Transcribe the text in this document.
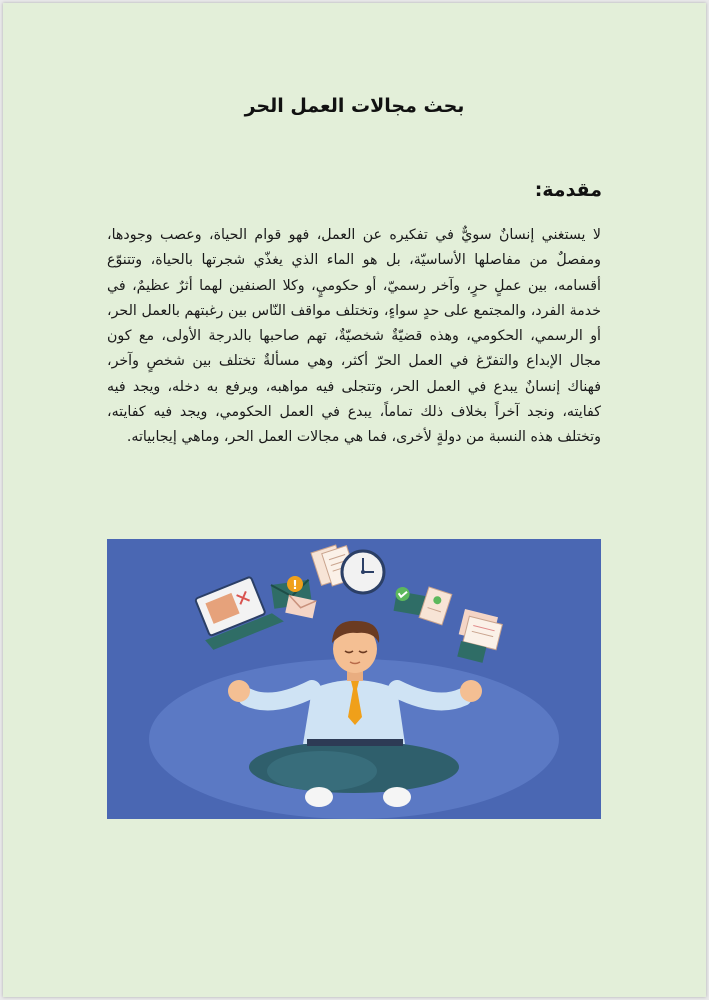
بحث مجالات العمل الحر
مقدمة:

لا يستغني إنسانٌ سويٌّ في تفكيره عن العمل، فهو قوام الحياة، وعصب وجودها، ومفصلٌ من مفاصلها الأساسيّة، بل هو الماء الذي يغذّي شجرتها بالحياة، وتتنوّع أقسامه، بين عملٍ حرٍ، وآخر رسميّ، أو حكوميٍ، وكلا الصنفين لهما أثرٌ عظيمٌ، في خدمة الفرد، والمجتمع على حدٍ سواءٍ، وتختلف مواقف النّاس بين رغبتهم بالعمل الحر، أو الرسمي، الحكومي، وهذه قضيّةٌ شخصيّةٌ، تهم صاحبها بالدرجة الأولى، مع كون مجال الإبداع والتفرّغ في العمل الحرّ أكثر، وهي مسألةٌ تختلف بين شخصٍ وآخر، فهناك إنسانٌ يبدع في العمل الحر، وتتجلى فيه مواهبه، ويرفع به دخله، ويجد فيه كفايته، ونجد آخراً بخلاف ذلك تماماً، يبدع في العمل الحكومي، ويجد فيه كفايته، وتختلف هذه النسبة من دولةٍ لأخرى، فما هي مجالات العمل الحر، وماهي إيجابياته.

!
